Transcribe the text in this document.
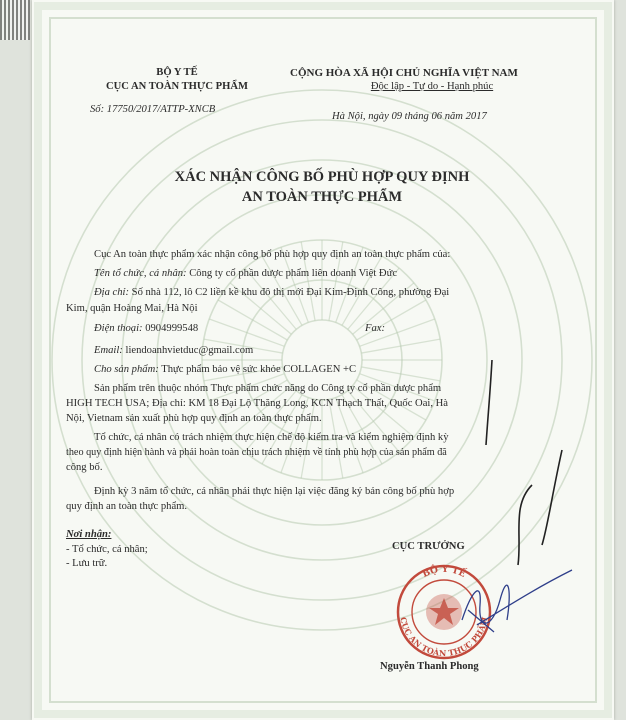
BỘ Y TẾ
CỤC AN TOÀN THỰC PHẨM
Số: 17750/2017/ATTP-XNCB
CỘNG HÒA XÃ HỘI CHỦ NGHĨA VIỆT NAM
Độc lập - Tự do - Hạnh phúc
Hà Nội, ngày 09 tháng 06 năm 2017
XÁC NHẬN CÔNG BỐ PHÙ HỢP QUY ĐỊNH
AN TOÀN THỰC PHẨM
Cục An toàn thực phẩm xác nhận công bố phù hợp quy định an toàn thực phẩm của:
Tên tổ chức, cá nhân: Công ty cổ phần dược phẩm liên doanh Việt Đức
Địa chỉ: Số nhà 112, lô C2 liền kề khu đô thị mới Đại Kim-Định Công, phường Đại
Kim, quận Hoàng Mai, Hà Nội
Điện thoại: 0904999548	Fax:
Email: liendoanhvietduc@gmail.com
Cho sản phẩm: Thực phẩm bảo vệ sức khỏe COLLAGEN +C
Sản phẩm trên thuộc nhóm Thực phẩm chức năng do Công ty cổ phần dược phẩm
HIGH TECH USA; Địa chỉ: KM 18 Đại Lộ Thăng Long, KCN Thạch Thất, Quốc Oai, Hà
Nội, Vietnam sản xuất phù hợp quy định an toàn thực phẩm.
Tổ chức, cá nhân có trách nhiệm thực hiện chế độ kiểm tra và kiểm nghiệm định kỳ
theo quy định hiện hành và phải hoàn toàn chịu trách nhiệm về tính phù hợp của sản phẩm đã
công bố.
Định kỳ 3 năm tổ chức, cá nhân phải thực hiện lại việc đăng ký bản công bố phù hợp
quy định an toàn thực phẩm.
Nơi nhận:
- Tổ chức, cá nhân;
- Lưu trữ.
CỤC TRƯỞNG
BỘ Y TẾ
CỤC AN TOÀN THỰC PHẨM
Nguyễn Thanh Phong
